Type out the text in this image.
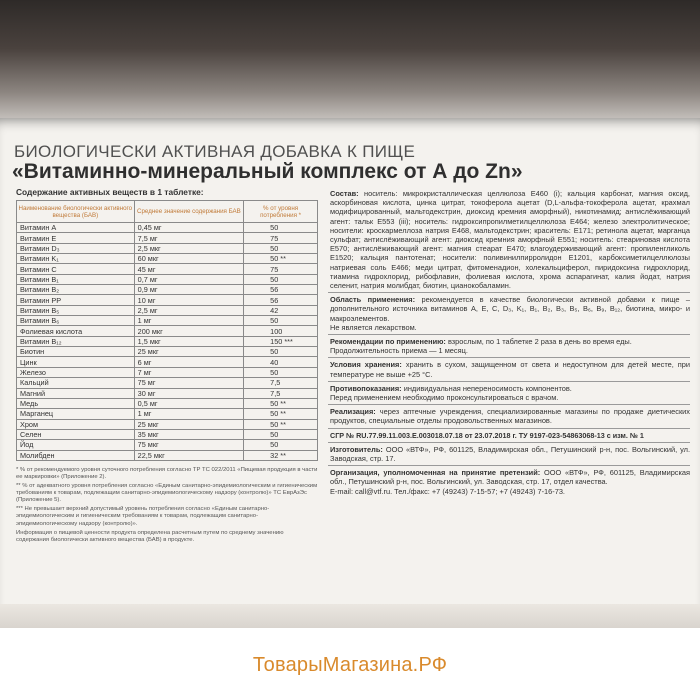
БИОЛОГИЧЕСКИ АКТИВНАЯ ДОБАВКА К ПИЩЕ
«Витаминно-минеральный комплекс от А до Zn»
Содержание активных веществ в 1 таблетке:
Наименование биологически активного вещества (БАВ)	Среднее значение содержания БАВ	% от уровня потребления *
Витамин А	0,45 мг	50
Витамин Е	7,5 мг	75
Витамин D₃	2,5 мкг	50
Витамин K₁	60 мкг	50 **
Витамин С	45 мг	75
Витамин B₁	0,7 мг	50
Витамин B₂	0,9 мг	56
Витамин PP	10 мг	56
Витамин B₅	2,5 мг	42
Витамин B₆	1 мг	50
Фолиевая кислота	200 мкг	100
Витамин B₁₂	1,5 мкг	150 ***
Биотин	25 мкг	50
Цинк	6 мг	40
Железо	7 мг	50
Кальций	75 мг	7,5
Магний	30 мг	7,5
Медь	0,5 мг	50 **
Марганец	1 мг	50 **
Хром	25 мкг	50 **
Селен	35 мкг	50
Йод	75 мкг	50
Молибден	22,5 мкг	32 **
* % от рекомендуемого уровня суточного потребления согласно ТР ТС 022/2011 «Пищевая продукция в части ее маркировки» (Приложение 2).
** % от адекватного уровня потребления согласно «Единым санитарно-эпидемиологическим и гигиеническим требованиям к товарам, подлежащим санитарно-эпидемиологическому надзору (контролю)» ТС ЕврАзЭс (Приложение 5).
*** Не превышает верхний допустимый уровень потребления согласно «Единым санитарно-эпидемиологическим и гигиеническим требованиям к товарам, подлежащим санитарно-эпидемиологическому надзору (контролю)».
Информация о пищевой ценности продукта определена расчетным путем по среднему значению содержания биологически активного вещества (БАВ) в продукте.
Состав: носитель: микрокристаллическая целлюлоза Е460 (i); кальция карбонат, магния оксид, аскорбиновая кислота, цинка цитрат, токоферола ацетат (D,L-альфа-токоферола ацетат, крахмал модифицированный, мальтодекстрин, диоксид кремния аморфный), никотинамид; антислёживающий агент: тальк Е553 (iii); носитель: гидроксипропилметилцеллюлоза Е464; железо электролитическое; носители: кроскармеллоза натрия Е468, мальтодекстрин; краситель: Е171; ретинола ацетат, марганца сульфат; антислёживающий агент: диоксид кремния аморфный Е551; носитель: стеариновая кислота Е570; антислёживающий агент: магния стеарат Е470; влагоудерживающий агент: пропиленгликоль Е1520; кальция пантотенат; носители: поливинилпирролидон Е1201, карбоксиметилцеллюлозы натриевая соль Е466; меди цитрат, фитоменадион, холекальциферол, пиридоксина гидрохлорид, тиамина гидрохлорид, рибофлавин, фолиевая кислота, хрома аспарагинат, калия йодат, натрия селенит, натрия молибдат, биотин, цианокобаламин.
Область применения: рекомендуется в качестве биологически активной добавки к пище – дополнительного источника витаминов А, Е, С, D₃, K₁, B₁, B₂, B₃, B₅, B₆, B₉, B₁₂, биотина, микро- и макроэлементов.
Не является лекарством.
Рекомендации по применению: взрослым, по 1 таблетке 2 раза в день во время еды.
Продолжительность приема — 1 месяц.
Условия хранения: хранить в сухом, защищенном от света и недоступном для детей месте, при температуре не выше +25 °С.
Противопоказания: индивидуальная непереносимость компонентов.
Перед применением необходимо проконсультироваться с врачом.
Реализация: через аптечные учреждения, специализированные магазины по продаже диетических продуктов, специальные отделы продовольственных магазинов.
СГР № RU.77.99.11.003.Е.003018.07.18 от 23.07.2018 г. ТУ 9197-023-54863068-13 с изм. № 1
Изготовитель: ООО «ВТФ», РФ, 601125, Владимирская обл., Петушинский р-н, пос. Вольгинский, ул. Заводская, стр. 17.
Организация, уполномоченная на принятие претензий: ООО «ВТФ», РФ, 601125, Владимирская обл., Петушинский р-н, пос. Вольгинский, ул. Заводская, стр. 17, отдел качества.
E-mail: call@vtf.ru. Тел./факс: +7 (49243) 7-15-57; +7 (49243) 7-16-73.
ТоварыМагазина.РФ
